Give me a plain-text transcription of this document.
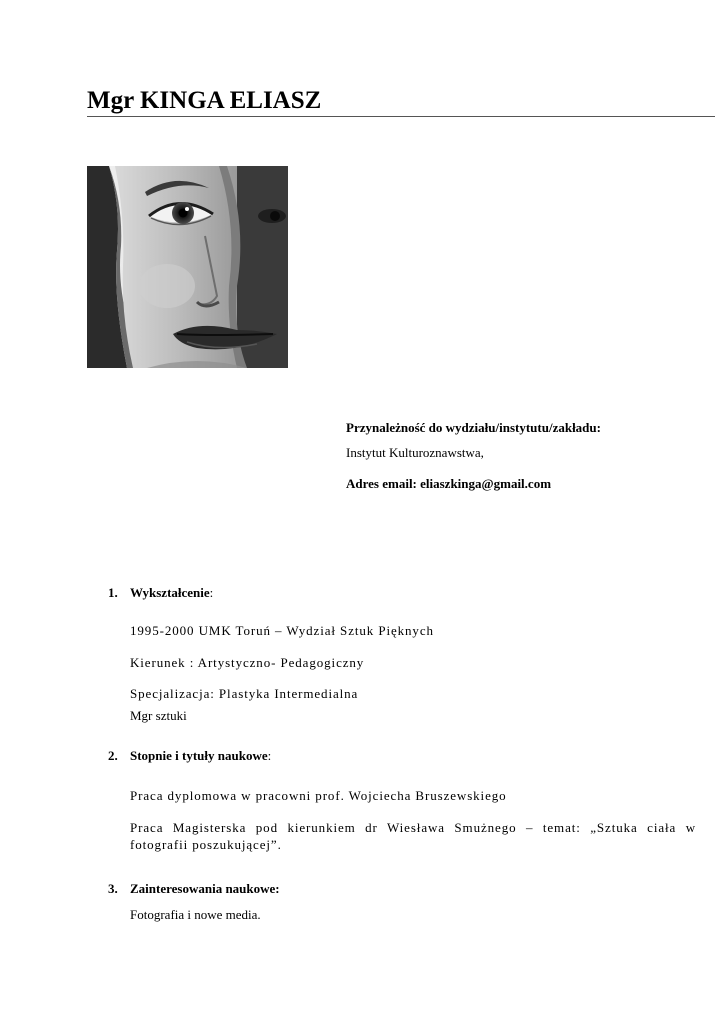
Mgr KINGA ELIASZ
Przynależność do wydziału/instytutu/zakładu:
Instytut Kulturoznawstwa,
Adres email: eliaszkinga@gmail.com
1. Wykształcenie:
1995-2000 UMK Toruń – Wydział Sztuk Pięknych
Kierunek : Artystyczno- Pedagogiczny
Specjalizacja: Plastyka Intermedialna
Mgr sztuki
2. Stopnie i tytuły naukowe:
Praca dyplomowa w pracowni prof. Wojciecha Bruszewskiego
Praca Magisterska pod kierunkiem dr Wiesława Smużnego – temat: „Sztuka ciała w fotografii poszukującej”.
3. Zainteresowania naukowe:
Fotografia i nowe media.
